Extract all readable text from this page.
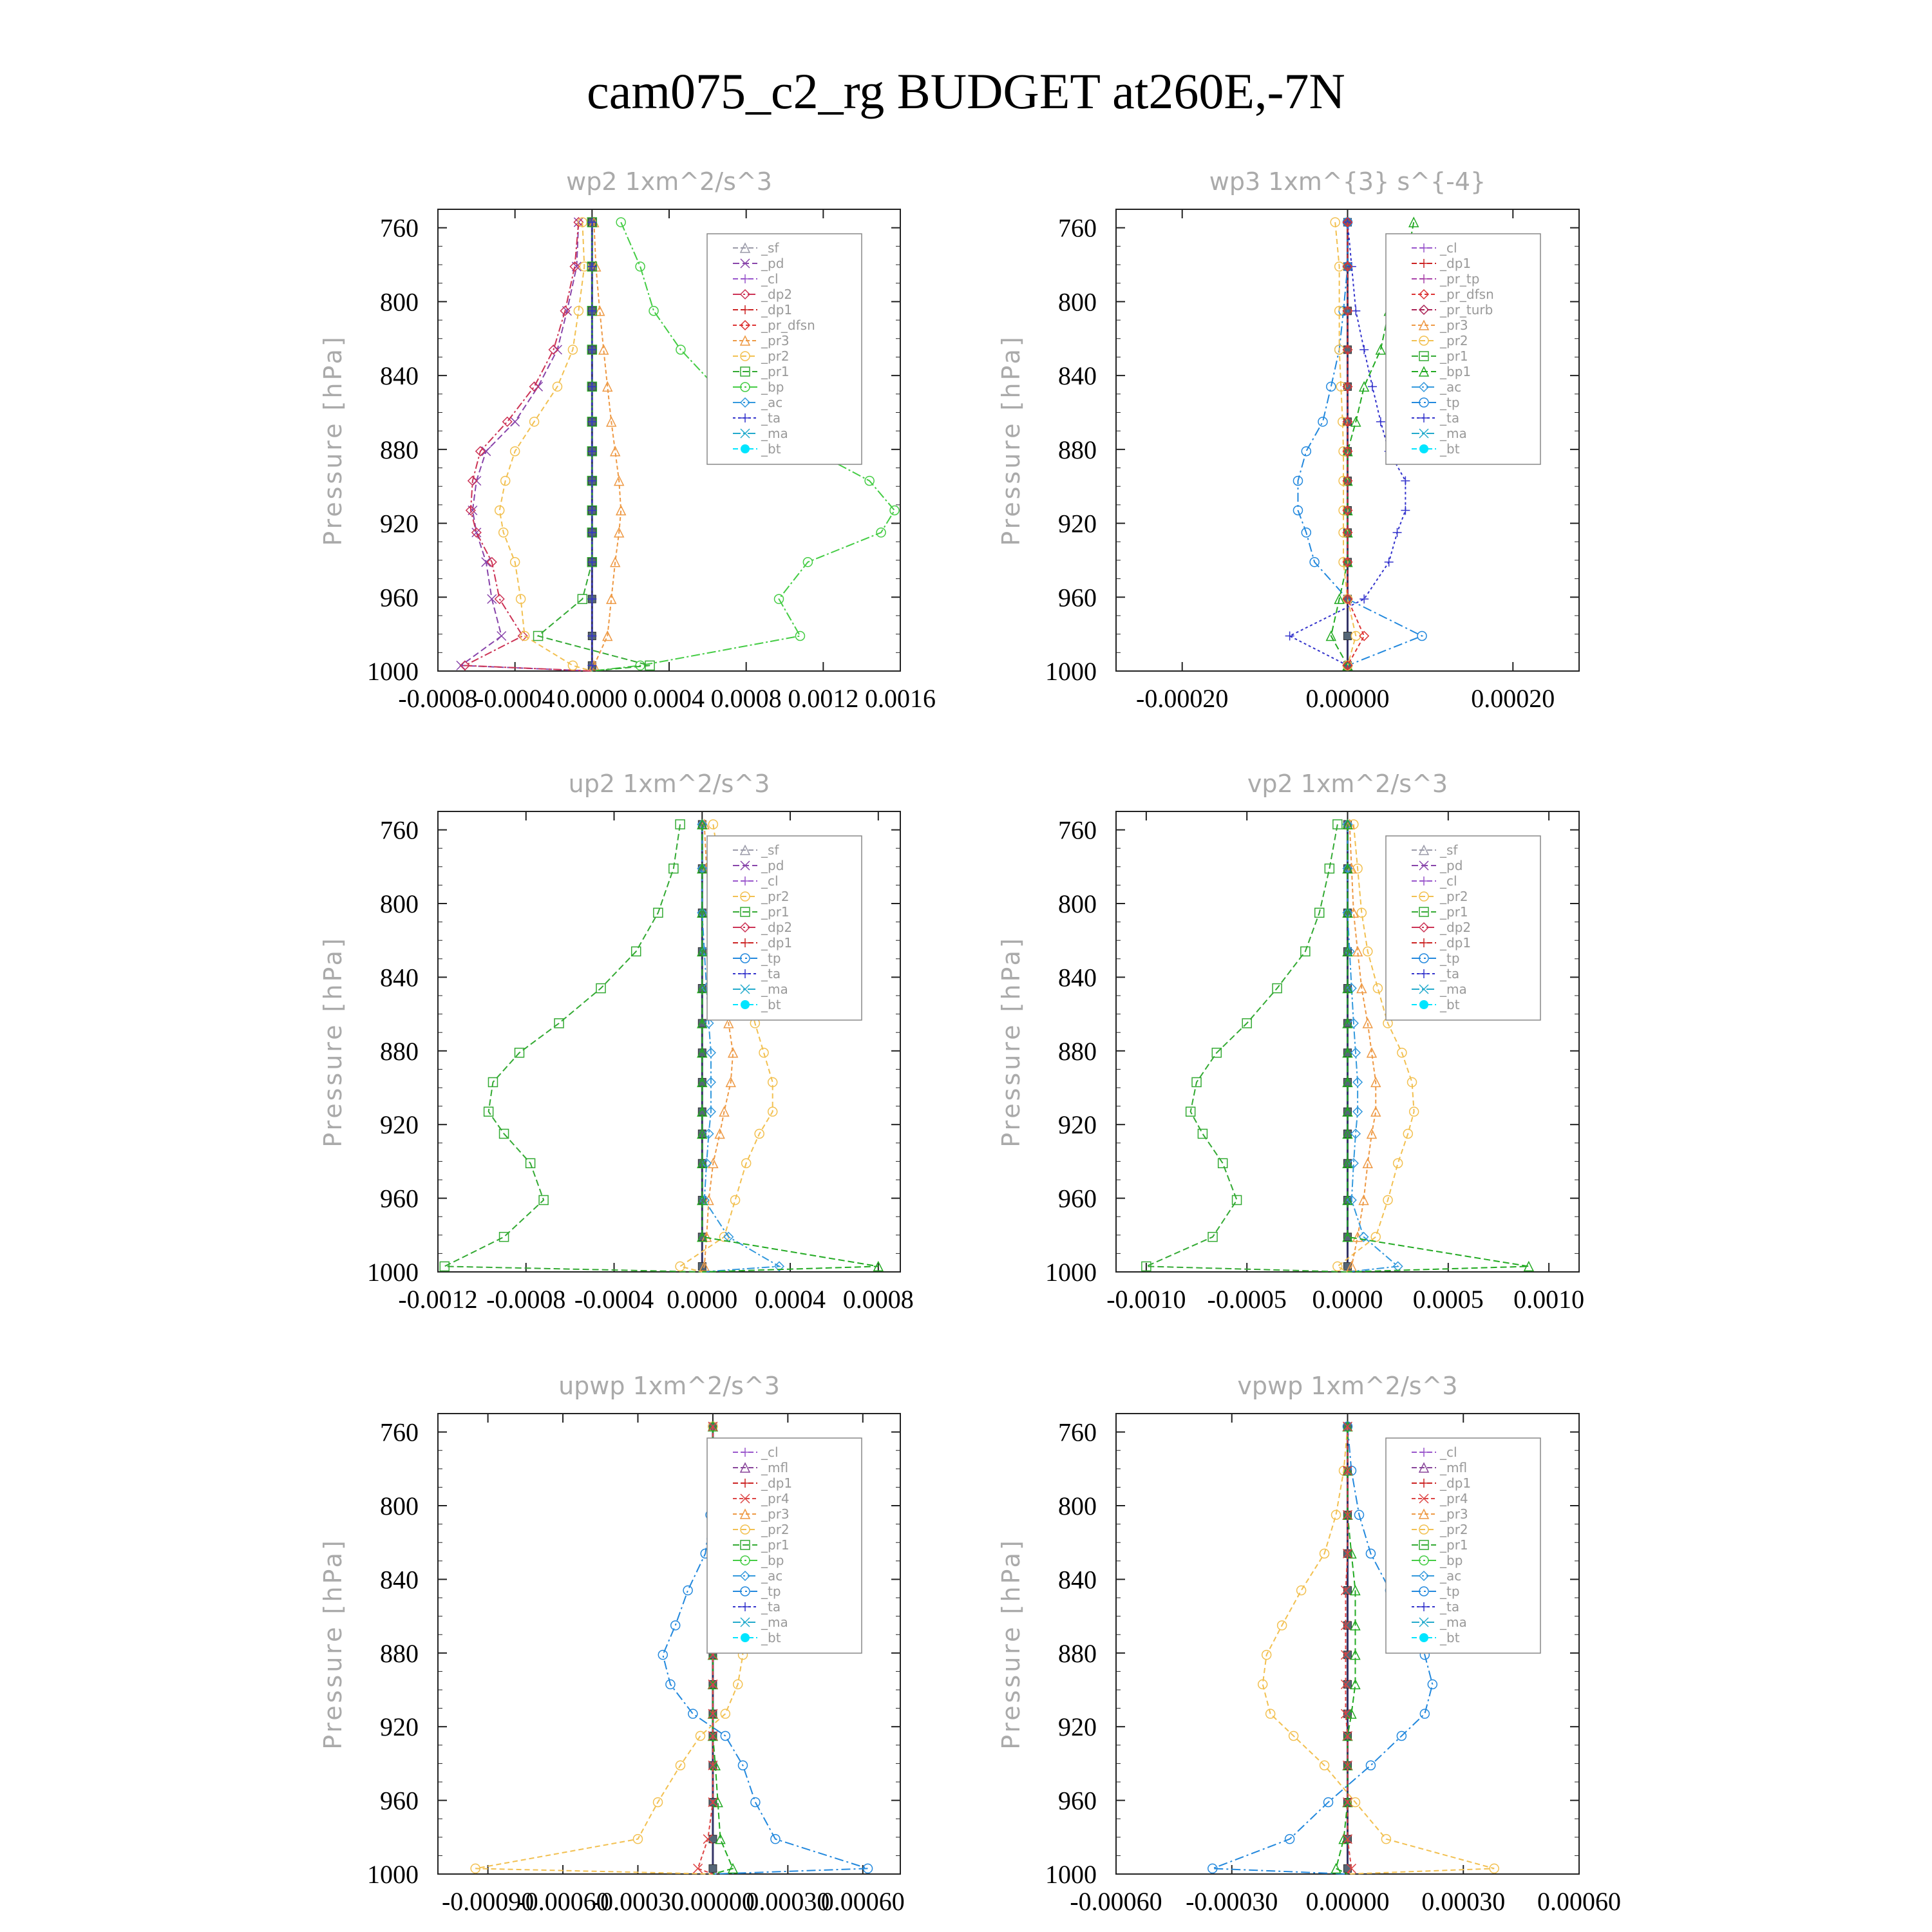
cam075_c2_rg BUDGET at260E,-7N
wp2 1xm^2/s^3
760
800
840
880
920
960
1000
-0.0008
-0.0004 0.0000 0.0004 0.0008 0.0012 0.0016
Pressure [hPa]
_sf
_pd
_cl
_dp2
_dp1
_pr_dfsn
_pr3
_pr2
_pr1
_bp
_ac
_ta
_ma
_bt
wp3 1xm^{3} s^{-4}
760
800
840
880
920
960
1000
-0.00020	0.00000	0.00020
Pressure [hPa]
_cl
_dp1
_pr_tp
_pr_dfsn
_pr_turb
_pr3
_pr2
_pr1
_bp1
_ac
_tp
_ta
_ma
_bt
up2 1xm^2/s^3
760
800
840
880
920
960
1000
-0.0012 -0.0008 -0.0004 0.0000 0.0004 0.0008
Pressure [hPa]
_sf
_pd
_cl
_pr2
_pr1
_dp2
_dp1
_tp
_ta
_ma
_bt
vp2 1xm^2/s^3
760
800
840
880
920
960
1000
-0.0010 -0.0005 0.0000 0.0005 0.0010
Pressure [hPa]
_sf
_pd
_cl
_pr2
_pr1
_dp2
_dp1
_tp
_ta
_ma
_bt
upwp 1xm^2/s^3
760
800
840
880
920
960
1000
-0.00090
-0.00060
-0.00030
0.00000
0.00030
0.00060
Pressure [hPa]
_cl
_mfl
_dp1
_pr4
_pr3
_pr2
_pr1
_bp
_ac
_tp
_ta
_ma
_bt
vpwp 1xm^2/s^3
760
800
840
880
920
960
1000
-0.00060 -0.00030 0.00000 0.00030 0.00060
Pressure [hPa]
_cl
_mfl
_dp1
_pr4
_pr3
_pr2
_pr1
_bp
_ac
_tp
_ta
_ma
_bt
